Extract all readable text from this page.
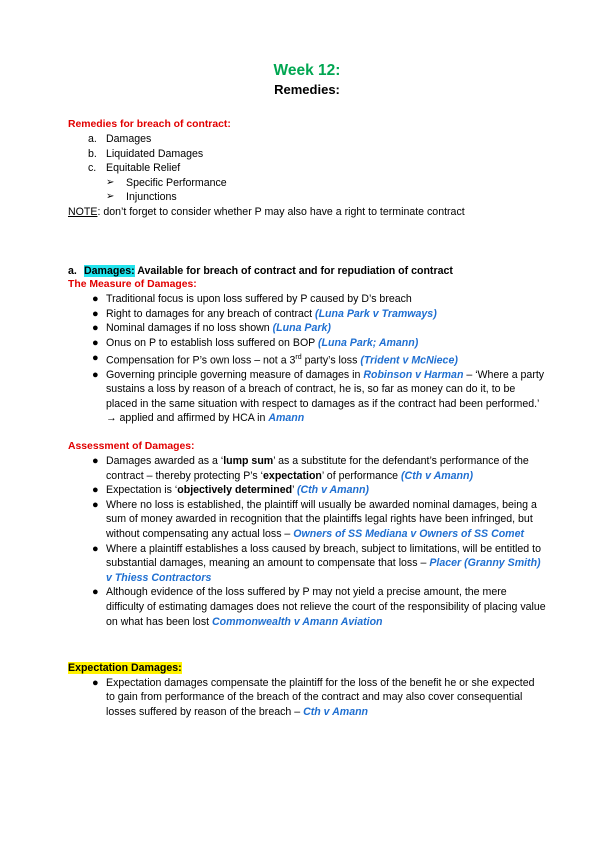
Week 12:
Remedies:
Remedies for breach of contract:
a. Damages
b. Liquidated Damages
c. Equitable Relief
➢ Specific Performance
➢ Injunctions
NOTE: don’t forget to consider whether P may also have a right to terminate contract
a. Damages: Available for breach of contract and for repudiation of contract
The Measure of Damages:
● Traditional focus is upon loss suffered by P caused by D’s breach
● Right to damages for any breach of contract (Luna Park v Tramways)
● Nominal damages if no loss shown (Luna Park)
● Onus on P to establish loss suffered on BOP (Luna Park; Amann)
● Compensation for P’s own loss – not a 3rd party’s loss (Trident v McNiece)
● Governing principle governing measure of damages in Robinson v Harman – ‘Where a party sustains a loss by reason of a breach of contract, he is, so far as money can do it, to be placed in the same situation with respect to damages as if the contract had been performed.’ → applied and affirmed by HCA in Amann
Assessment of Damages:
● Damages awarded as a ‘lump sum’ as a substitute for the defendant’s performance of the contract – thereby protecting P’s ‘expectation’ of performance (Cth v Amann)
● Expectation is ‘objectively determined’ (Cth v Amann)
● Where no loss is established, the plaintiff will usually be awarded nominal damages, being a sum of money awarded in recognition that the plaintiffs legal rights have been infringed, but without compensating any actual loss – Owners of SS Mediana v Owners of SS Comet
● Where a plaintiff establishes a loss caused by breach, subject to limitations, will be entitled to substantial damages, meaning an amount to compensate that loss – Placer (Granny Smith) v Thiess Contractors
● Although evidence of the loss suffered by P may not yield a precise amount, the mere difficulty of estimating damages does not relieve the court of the responsibility of placing value on what has been lost Commonwealth v Amann Aviation
Expectation Damages:
● Expectation damages compensate the plaintiff for the loss of the benefit he or she expected to gain from performance of the breach of the contract and may also cover consequential losses suffered by reason of the breach – Cth v Amann
